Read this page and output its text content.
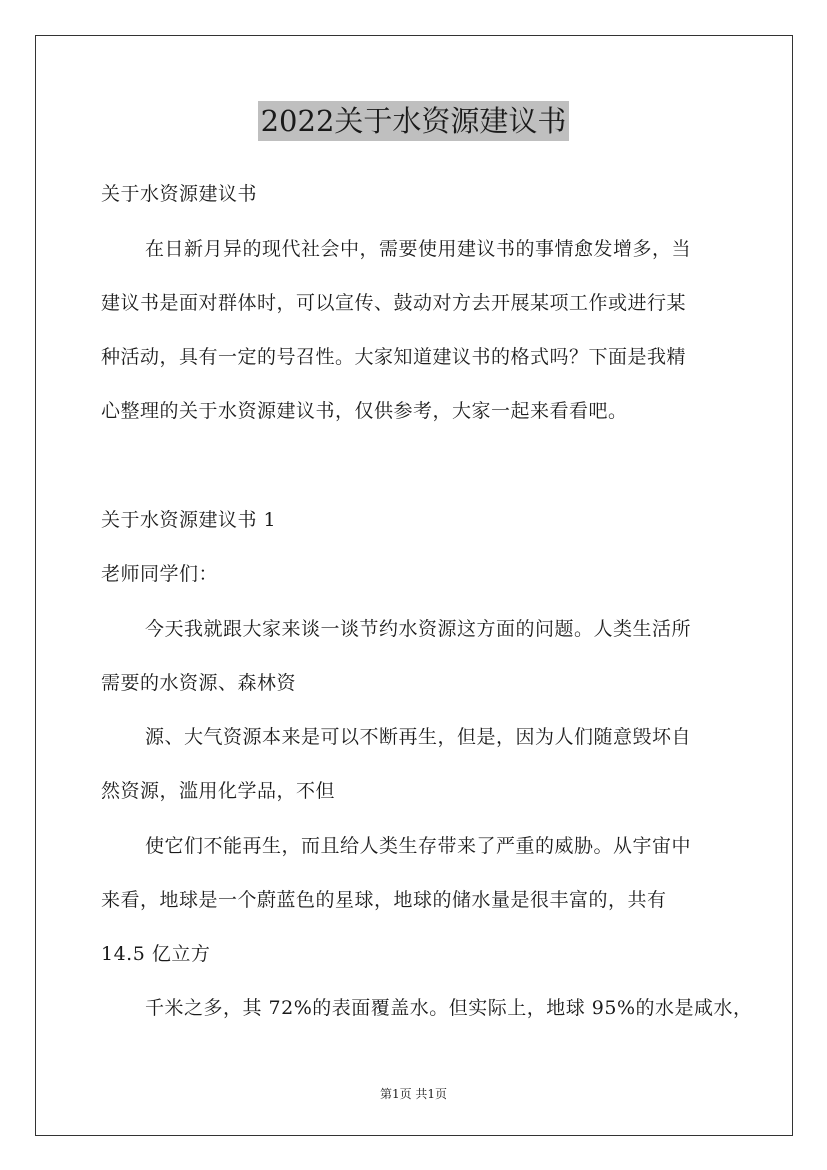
2022关于水资源建议书
关于水资源建议书
在日新月异的现代社会中，需要使用建议书的事情愈发增多，当
建议书是面对群体时，可以宣传、鼓动对方去开展某项工作或进行某
种活动，具有一定的号召性。大家知道建议书的格式吗？下面是我精
心整理的关于水资源建议书，仅供参考，大家一起来看看吧。
关于水资源建议书 1
老师同学们：
今天我就跟大家来谈一谈节约水资源这方面的问题。人类生活所
需要的水资源、森林资
源、大气资源本来是可以不断再生，但是，因为人们随意毁坏自
然资源，滥用化学品，不但
使它们不能再生，而且给人类生存带来了严重的威胁。从宇宙中
来看，地球是一个蔚蓝色的星球，地球的储水量是很丰富的，共有
14.5 亿立方
千米之多，其 72%的表面覆盖水。但实际上，地球 95%的水是咸水，
第1页 共1页
